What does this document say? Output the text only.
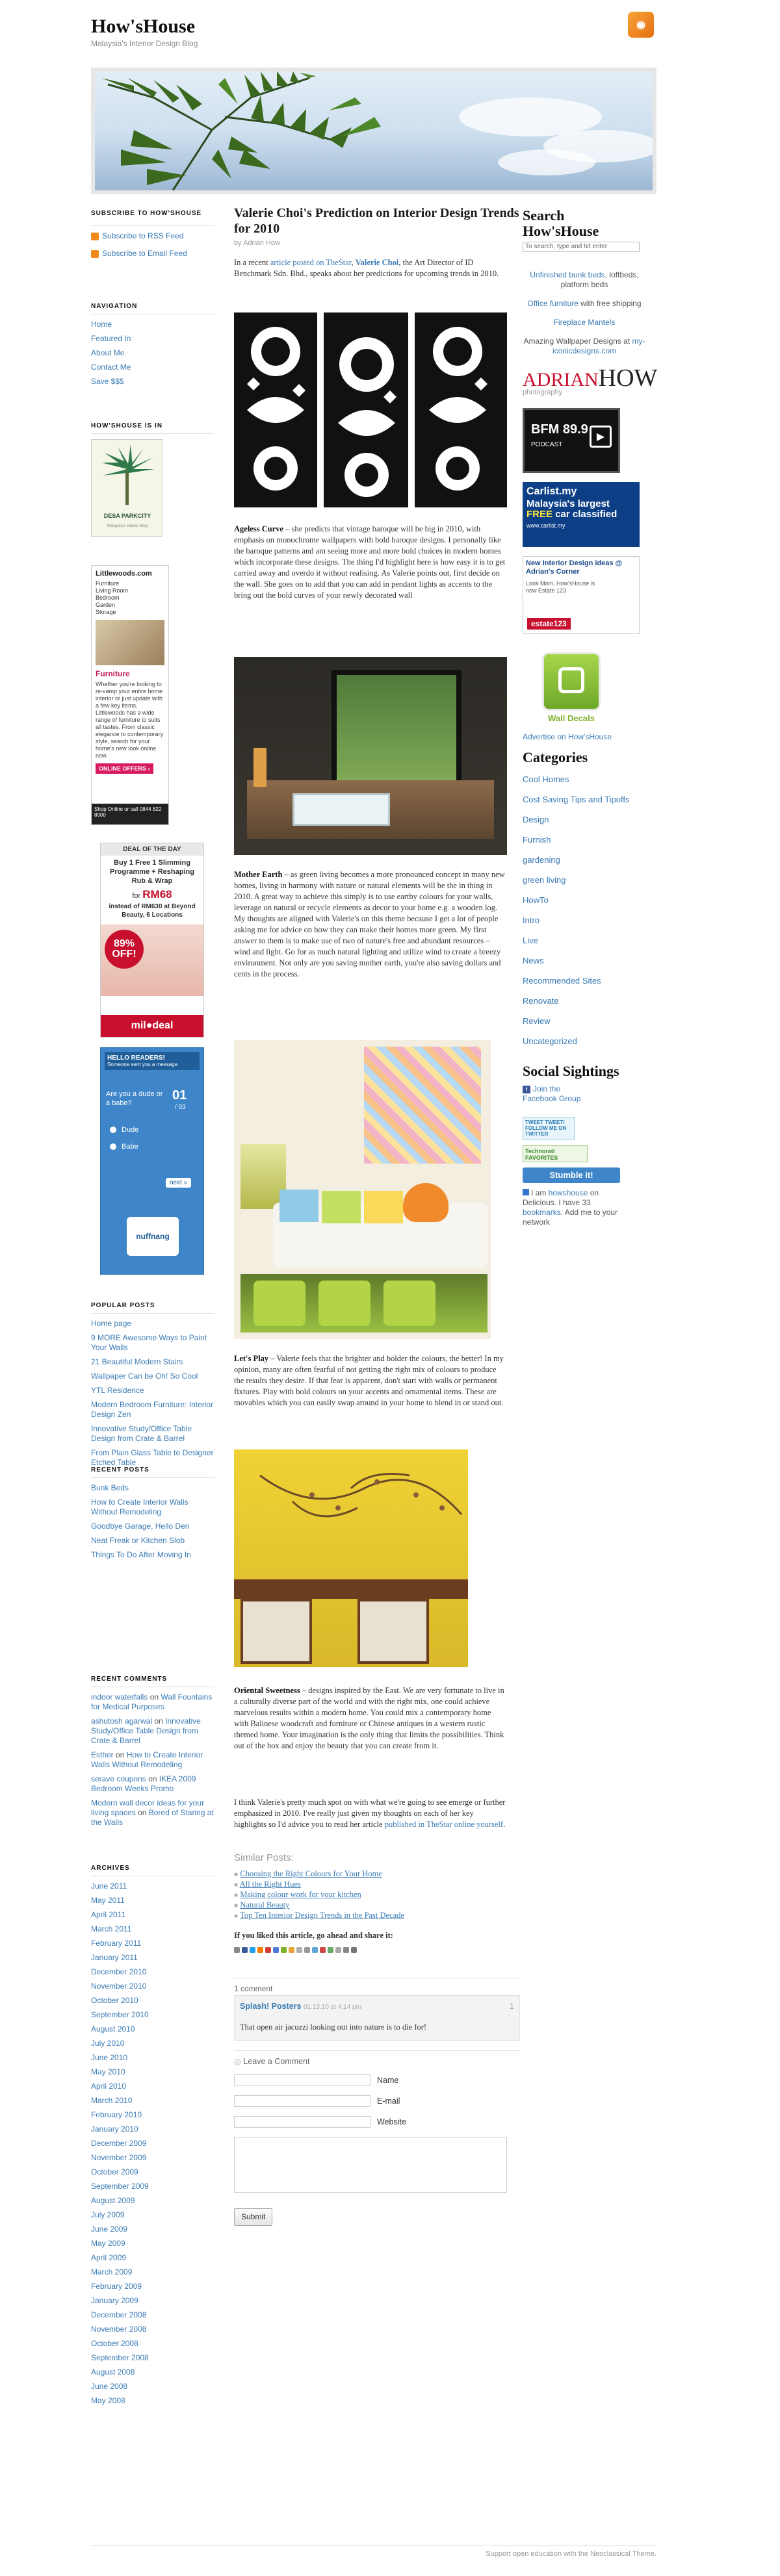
How'sHouse
Malaysia's Interior Design Blog
◉
SUBSCRIBE TO HOW'SHOUSE
Subscribe to RSS Feed
Subscribe to Email Feed
NAVIGATION
Home
Featured In
About Me
Contact Me
Save $$$
HOW'SHOUSE IS IN
DESA PARKCITY
Malaysia's Interior Blog
Littlewoods.com
Furniture
Living Room
Bedroom
Garden
Storage
Furniture
Whether you're looking to re-vamp your entire home interior or just update with a few key items, Littlewoods has a wide range of furniture to suits all tastes. From classic elegance to contemporary style, search for your home's new look online now.
ONLINE OFFERS ›
Shop Online or call 0844 822 8000
DEAL OF THE DAY
Buy 1 Free 1 Slimming Programme + Reshaping Rub & Wrap
for RM68
instead of RM630 at Beyond Beauty, 6 Locations
89% OFF!
mil●deal
HELLO READERS!
Someone sent you a message
Are you a dude or a babe?
01
/ 03
Dude
Babe
next »
nuffnang
POPULAR POSTS
Home page
9 MORE Awesome Ways to Paint Your Walls
21 Beautiful Modern Stairs
Wallpaper Can be Oh! So Cool
YTL Residence
Modern Bedroom Furniture: Interior Design Zen
Innovative Study/Office Table Design from Crate & Barrel
From Plain Glass Table to Designer Etched Table
RECENT POSTS
Bunk Beds
How to Create Interior Walls Without Remodeling
Goodbye Garage, Hello Den
Neat Freak or Kitchen Slob
Things To Do After Moving In
RECENT COMMENTS
indoor waterfalls on Wall Fountains for Medical Purposes
ashutosh agarwal on Innovative Study/Office Table Design from Crate & Barrel
Esther on How to Create Interior Walls Without Remodeling
serave coupons on IKEA 2009 Bedroom Weeks Promo
Modern wall decor ideas for your living spaces on Bored of Staring at the Walls
ARCHIVES
June 2011
May 2011
April 2011
March 2011
February 2011
January 2011
December 2010
November 2010
October 2010
September 2010
August 2010
July 2010
June 2010
May 2010
April 2010
March 2010
February 2010
January 2010
December 2009
November 2009
October 2009
September 2009
August 2009
July 2009
June 2009
May 2009
April 2009
March 2009
February 2009
January 2009
December 2008
November 2008
October 2008
September 2008
August 2008
June 2008
May 2008
Valerie Choi's Prediction on Interior Design Trends for 2010
by Adrian How
In a recent article posted on TheStar, Valerie Choi, the Art Director of ID Benchmark Sdn. Bhd., speaks about her predictions for upcoming trends in 2010.
Ageless Curve – she predicts that vintage baroque will be big in 2010, with emphasis on monochrome wallpapers with bold baroque designs. I personally like the baroque patterns and am seeing more and more bold choices in modern homes which incorporate these designs. The thing I'd highlight here is how easy it is to get carried away and overdo it without realising. As Valerie points out, first decide on the wall. She goes on to add that you can add in pendant lights as accents to the bring out the bold curves of your newly decorated wall
Mother Earth – as green living becomes a more pronounced concept in many new homes, living in harmony with nature or natural elements will be the in thing in 2010. A great way to achieve this simply is to use earthy colours for your walls, leverage on natural or recycle elements as decor to your home e.g. a wooden log. My thoughts are aligned with Valerie's on this theme because I get a lot of people asking me for advice on how they can make their homes more green. My first answer to them is to make use of two of nature's free and abundant resources – wind and light. Go for as much natural lighting and utilize wind to create a breezy environment. Not only are you saving mother earth, you're also saving dollars and cents in the process.
Let's Play – Valerie feels that the brighter and bolder the colours, the better! In my opinion, many are often fearful of not getting the right mix of colours to produce the results they desire. If that fear is apparent, don't start with walls or permanent fixtures. Play with bold colours on your accents and ornamental items. These are movables which you can easily swap around in your home to blend in or stand out.
Oriental Sweetness – designs inspired by the East. We are very fortunate to live in a culturally diverse part of the world and with the right mix, one could achieve marvelous results within a modern home. You could mix a contemporary home with Balinese woodcraft and furniture or Chinese antiques in a western rustic themed home. Your imagination is the only thing that limits the possibilities. Think out of the box and enjoy the beauty that you can create from it.
I think Valerie's pretty much spot on with what we're going to see emerge or further emphasized in 2010. I've really just given my thoughts on each of her key highlights so I'd advice you to read her article published in TheStar online yourself.
Similar Posts:
« Choosing the Right Colours for Your Home
« All the Right Hues
« Making colour work for your kitchen
« Natural Beauty
« Top Ten Interior Design Trends in the Past Decade
If you liked this article, go ahead and share it:
1 comment
Splash! Posters 01.13.10 at 4:14 pm	1
That open air jacuzzi looking out into nature is to die for!
◎ Leave a Comment
Name
E-mail
Website
Submit
Search How'sHouse
To search, type and hit enter
Unfinished bunk beds, loftbeds, platform beds
Office furniture with free shipping
Fireplace Mantels
Amazing Wallpaper Designs at my-iconicdesigns.com
ADRIANHOW
photography
BFM 89.9
PODCAST
▶
Carlist.my
Malaysia's largest
FREE car classified
www.carlist.my
New Interior Design ideas @ Adrian's Corner
Look Mom, How'sHouse is now Estate 123
estate123
Wall Decals
Advertise on How'sHouse
Categories
Cool Homes
Cost Saving Tips and Tipoffs
Design
Furnish
gardening
green living
HowTo
Intro
Live
News
Recommended Sites
Renovate
Review
Uncategorized
Social Sightings
f Join the Facebook Group
TWEET TWEET! FOLLOW ME ON TWITTER
Technorati FAVORITES
Stumble it!
I am howshouse on Delicious. I have 33 bookmarks. Add me to your network
Support open education with the Neoclassical Theme.
